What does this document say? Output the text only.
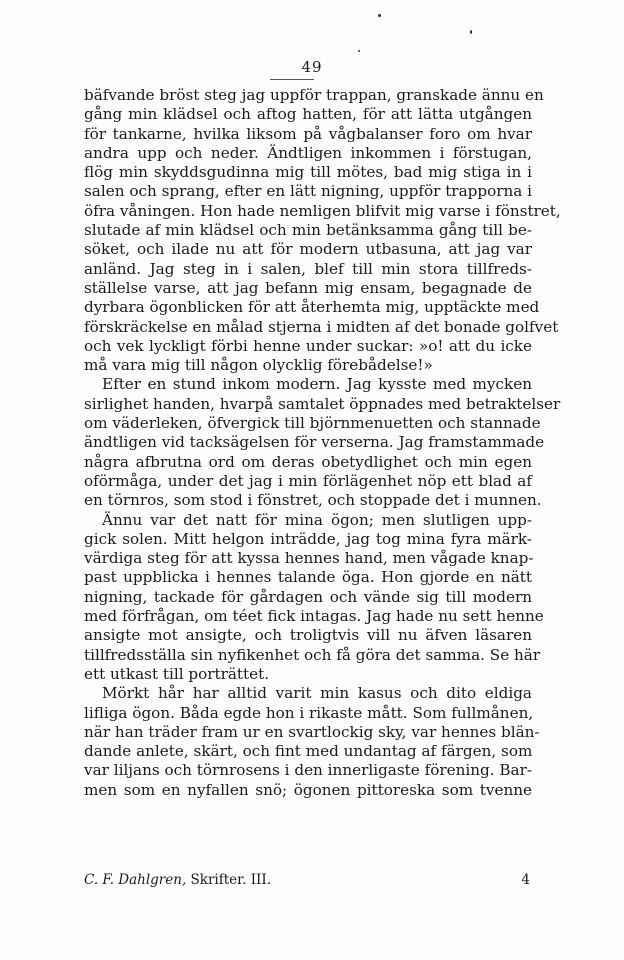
49
bäfvande bröst steg jag uppför trappan, granskade ännu en
gång min klädsel och aftog hatten, för att lätta utgången
för tankarne, hvilka liksom på vågbalanser foro om hvar
andra upp och neder. Ändtligen inkommen i förstugan,
flög min skyddsgudinna mig till mötes, bad mig stiga in i
salen och sprang, efter en lätt nigning, uppför trapporna i
öfra våningen. Hon hade nemligen blifvit mig varse i fönstret,
slutade af min klädsel och min betänksamma gång till be-
söket, och ilade nu att för modern utbasuna, att jag var
anländ. Jag steg in i salen, blef till min stora tillfreds-
ställelse varse, att jag befann mig ensam, begagnade de
dyrbara ögonblicken för att återhemta mig, upptäckte med
förskräckelse en målad stjerna i midten af det bonade golfvet
och vek lyckligt förbi henne under suckar: »o! att du icke
må vara mig till någon olycklig förebådelse!»
Efter en stund inkom modern. Jag kysste med mycken
sirlighet handen, hvarpå samtalet öppnades med betraktelser
om väderleken, öfvergick till björnmenuetten och stannade
ändtligen vid tacksägelsen för verserna. Jag framstammade
några afbrutna ord om deras obetydlighet och min egen
oförmåga, under det jag i min förlägenhet nöp ett blad af
en törnros, som stod i fönstret, och stoppade det i munnen.
Ännu var det natt för mina ögon; men slutligen upp-
gick solen. Mitt helgon inträdde, jag tog mina fyra märk-
värdiga steg för att kyssa hennes hand, men vågade knap-
past uppblicka i hennes talande öga. Hon gjorde en nätt
nigning, tackade för gårdagen och vände sig till modern
med förfrågan, om téet fick intagas. Jag hade nu sett henne
ansigte mot ansigte, och troligtvis vill nu äfven läsaren
tillfredsställa sin nyfikenhet och få göra det samma. Se här
ett utkast till porträttet.
Mörkt hår har alltid varit min kasus och dito eldiga
lifliga ögon. Båda egde hon i rikaste mått. Som fullmånen,
när han träder fram ur en svartlockig sky, var hennes blän-
dande anlete, skärt, och fint med undantag af färgen, som
var liljans och törnrosens i den innerligaste förening. Bar-
men som en nyfallen snö; ögonen pittoreska som tvenne
C. F. Dahlgren, Skrifter. III.	4
